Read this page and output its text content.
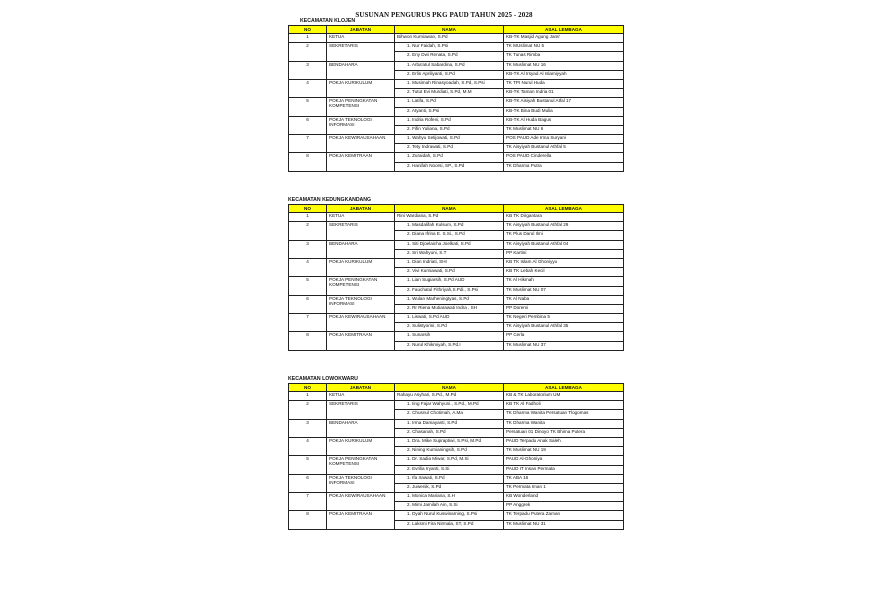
SUSUNAN PENGURUS PKG PAUD TAHUN 2025 - 2028
KECAMATAN KLOJEN
NO	JABATAN	NAMA	ASAL LEMBAGA
1	KETUA	Bihwon Kurniawan, S.Pd	KB-TK Masjid Agung Jami'
2	SEKRETARIS	1. Nur Faidah, S.Psi	TK MUslimat NU 5
		2. Eny Dwi Renata, S.Pd	TK Tunas Rimba
3	BENDAHARA	1. Arba'atul Sabardina, S.Pd	TK Muslimat NU 16
		2. Erlin Apriliyanti, S.Pd	KB-TK Al Irsyad Al Islamiyyah
4	POKJA KURIKULUM	1. Musimah Rinasyoadah, S.Pd, S.Psi	TK TPI Nurul Huda
		2. Tutut Evi Murdiati, S.Pd, M.M	KB-TK Taman Indria 01
5	POKJA PENINGKATAN KOMPETENSI	1. Latifa, S.Pd	KB-TK Aisiyah Bustanul Atfal 17
		2. Atyanti, S.Psi	KB-TK Bina Budi Mulia
6	POKJA TEKNOLOGI INFORMASI	1. Indria Rofeni, S.Pd	KB-TK Al Huda Bagus
		2. Fifin Yuliana, S.Pd	TK Muslimat NU 6
7	POKJA KEWIRAUSAHAAN	1. Wahyu Setijowati, S.Pd	POS PAUD Ade Irma Suryani
		2. Tety Indrawati, S.Pd	TK Aisyiyah Bustanul Athfal 5
8	POKJA KEMITRAAN	1. Zuraidah, S.Pd	POS PAUD Cinderella
		2. Hanifah Noorsi, SP., S.Pd	TK Dharma Putra
KECAMATAN KEDUNGKANDANG
NO	JABATAN	NAMA	ASAL LEMBAGA
1	KETUA	Rini Wardiana, S.Pd	KB TK Dirgantara
2	SEKRETARIS	1. Masdalifah Kulsum, S.Pd	TK Aisyiyah Bustanul Athfal 29
		2. Diana Ifrina E. S.Si., S.Pd	TK Plus Darul Ilmi
3	BENDAHARA	1. Siti Djoelaicha Joelkati, S.Pd	TK Aisyiyah Bustanul Athfal 04
		2. Sri Wahyuni, S.T	PP Kartini
4	POKJA KURIKULUM	1. Dian Indriati, SHI	KB TK Islam Al Ghoniyyu
		2. Vivi Kurniawati, S.Pd	KB TK Lebah Kecil
5	POKJA PENINGKATAN KOMPETENSI	1. Lian Sugiarsih, S.Pd AUD	TK Al Hikmah
		2. Fauchatul Fithriyah,S.Pdi., S.Psi	TK Muslimat NU 07
6	POKJA TEKNOLOGI INFORMASI	1. Wulan Marheningtyas, S.Pd	TK Al Naba
		2. Rr Riena Mutiarawati Indra , SH	PP Doremi
7	POKJA KEWIRAUSAHAAN	1. Liswati, S.Pd AUD	TK Negeri Pembina 5
		2. Sulistyorini, S.Pd	TK Aisyiyah Bustanul Athfal 35
8	POKJA KEMITRAAN	1. Sunarsih	PP Cerla
		2. Nurul Khikmiyah, S.Pd.I	TK Muslimat NU 37
KECAMATAN LOWOKWARU
NO	JABATAN	NAMA	ASAL LEMBAGA
1	KETUA	Rahayu Asyhari, S.Pd., M.Pd	KB & TK Laboratorium UM
2	SEKRETARIS	1. Iing Fajar Wahyuni., S.Pd., M.Pd	KB TK Al Fadholi
		2. Chusnul Chotimah, A.Ma	TK Dharma Wanita Persatuan Tlogomas
3	BENDAHARA	1. Irma Damayanti, S.Pd	TK Dharma Wanita
		2. Chasanah, S.Pd	Persatuan 01 Dinoyo TK Bhima Putera
4	POKJA KURIKULUM	1. Dra. Mike Supraptiwi, S.Psi, M.Pd	PAUD Terpadu Anak Saleh
		2. Nining Kurnianingsih, S.Pd	TK Muslimat NU 19
5	POKJA PENINGKATAN KOMPETENSI	1. Dr. Sadia Miwar, S.Pd, M.Si	PAUD Al-Ghoniya
		2. Evrilia Iryanti, S.Si	PAUD IT Insan Permata
6	POKJA TEKNOLOGI INFORMASI	1. Ifa Irawati, S.Pd	TK ABA 16
		2. Juwenik, S.Pd	TK Permata Iman 1
7	POKJA KEWIRAUSAHAAN	1. Monica Mariana, S.H	KB Wonderland
		2. Mimi Jamilah Ain, S.Si	PP Anggrek
8	POKJA KEMITRAAN	1. Dyah Nurul Kuswinarning, S.Psi	TK Terpadu Putera Zaman
		2. Laksmi Fira Nirmala, ST, S.Pd	TK Muslimat NU 31
